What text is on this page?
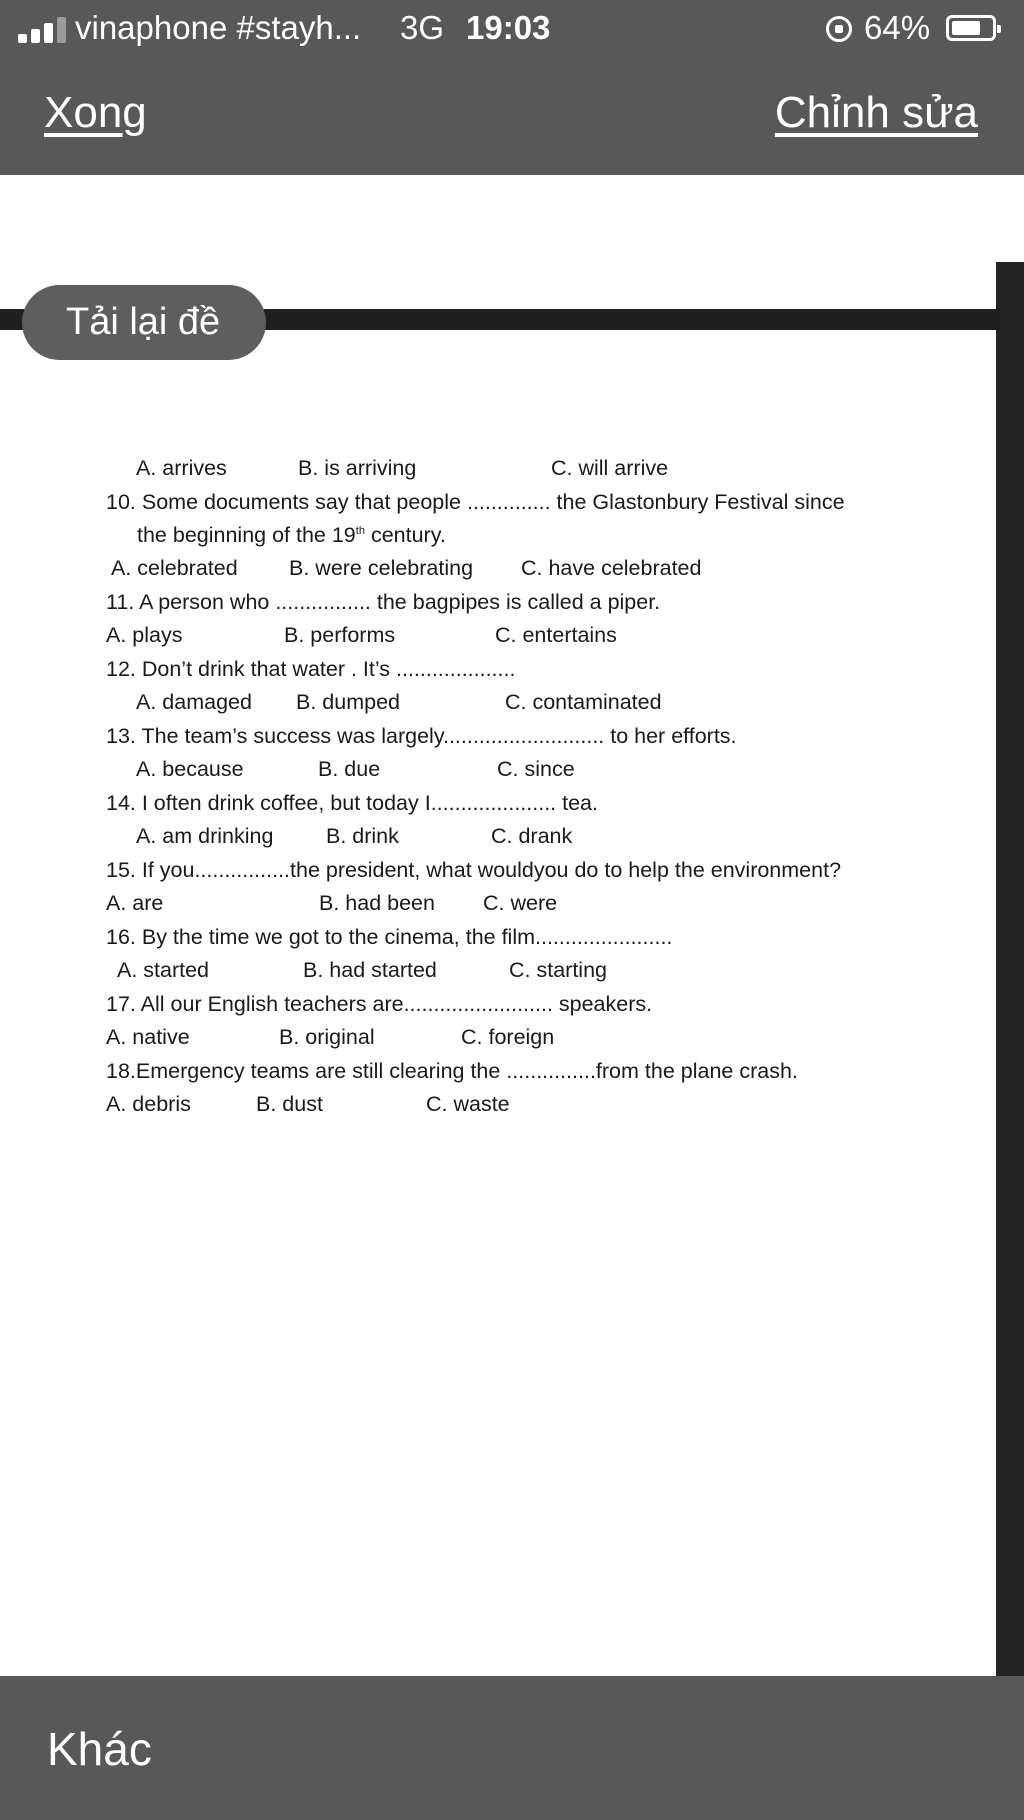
vinaphone #stayh... 3G 19:03	64%
Xong	Chỉnh sửa
Tải lại đề
A. arrives	B. is arriving	C. will arrive
10. Some documents say that people .............. the Glastonbury Festival since
the beginning of the 19th century.
A. celebrated B. were celebrating C. have celebrated
11. A person who ................ the bagpipes is called a piper.
A. plays	B. performs	C. entertains
12. Don’t drink that water . It’s ....................
A. damaged B. dumped	C. contaminated
13. The team’s success was largely........................... to her efforts.
A. because	B. due	C. since
14. I often drink coffee, but today I..................... tea.
A. am drinking B. drink	C. drank
15. If you................the president, what wouldyou do to help the environment?
A. are	B. had been C. were
16. By the time we got to the cinema, the film.......................
A. started	B. had started	C. starting
17. All our English teachers are......................... speakers.
A. native	B. original	C. foreign
18.Emergency teams are still clearing the ...............from the plane crash.
A. debris	B. dust	C. waste
Khác
